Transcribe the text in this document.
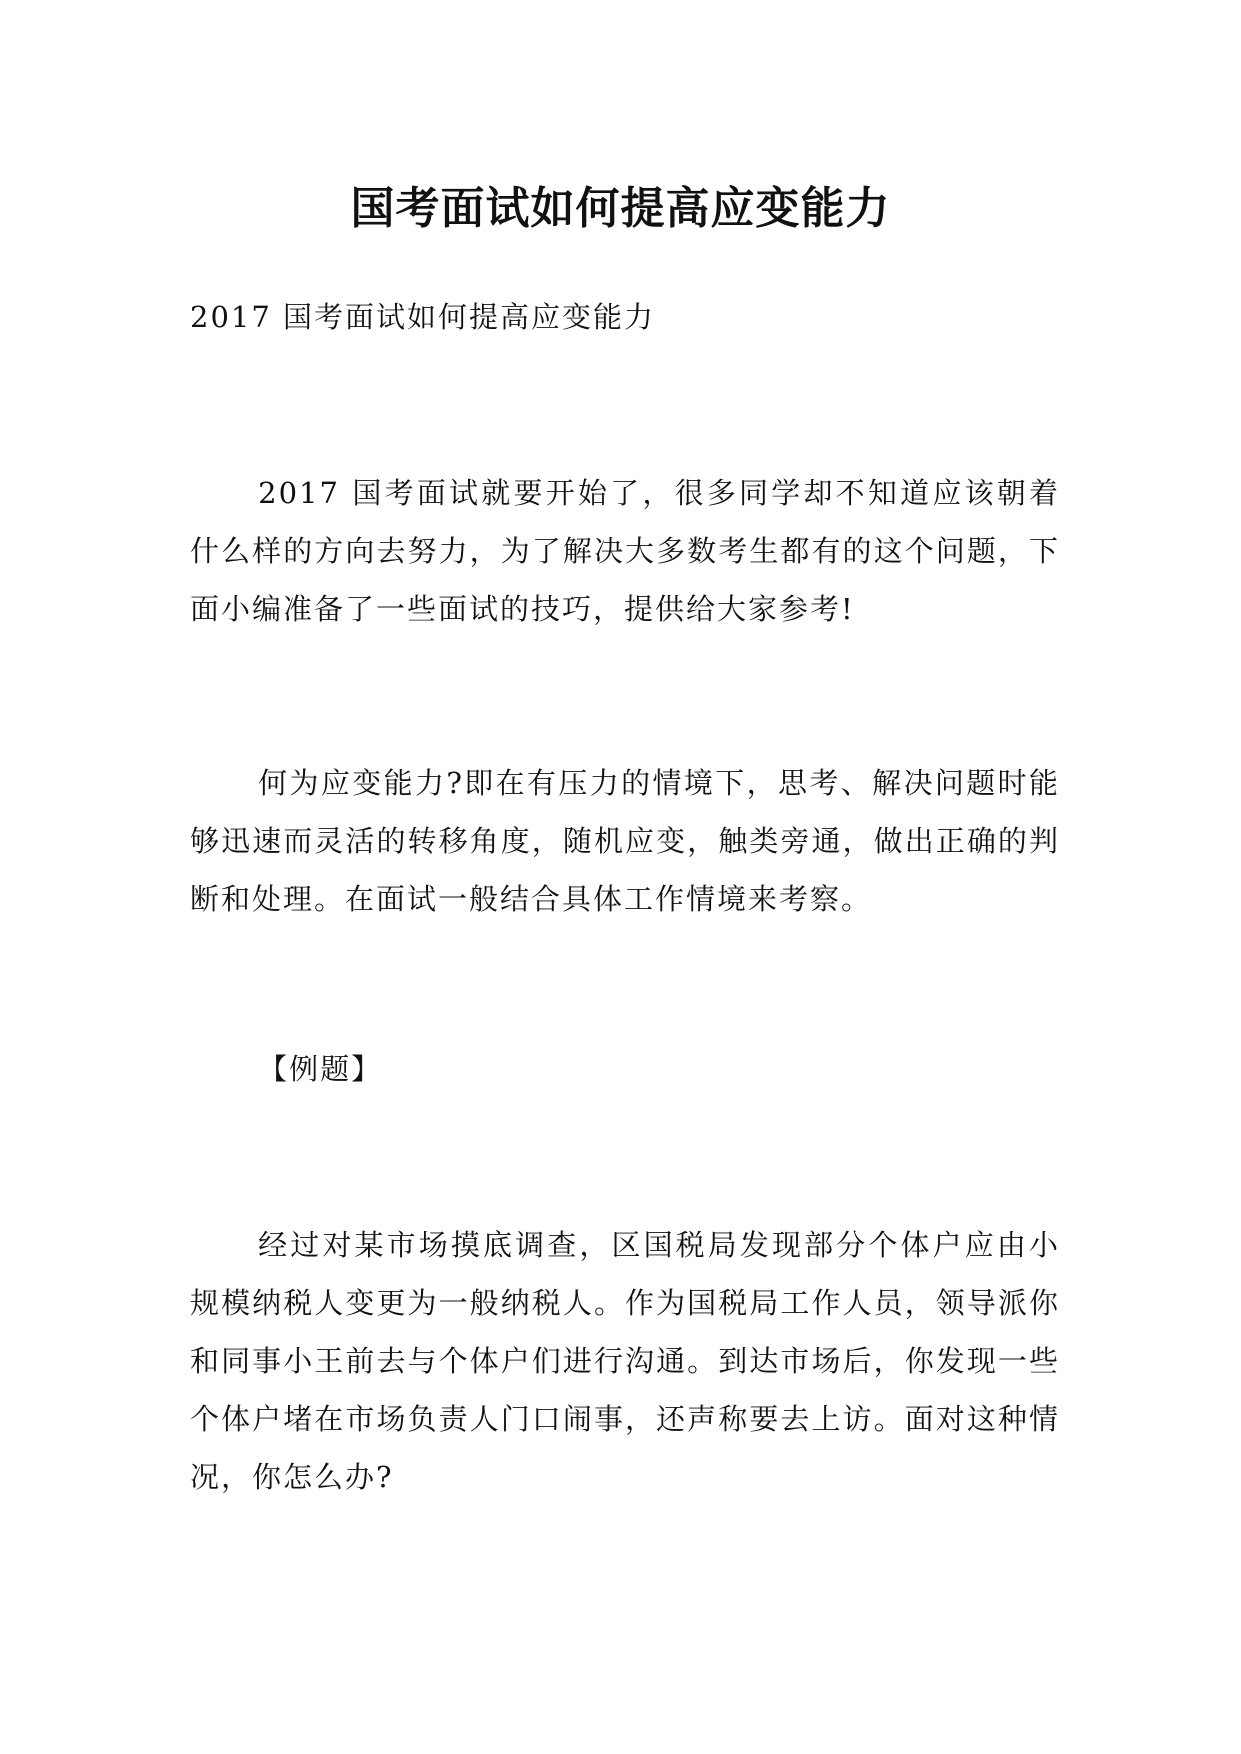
国考面试如何提高应变能力

2017 国考面试如何提高应变能力

2017 国考面试就要开始了，很多同学却不知道应该朝着什么样的方向去努力，为了解决大多数考生都有的这个问题，下面小编准备了一些面试的技巧，提供给大家参考!

何为应变能力?即在有压力的情境下，思考、解决问题时能够迅速而灵活的转移角度，随机应变，触类旁通，做出正确的判断和处理。在面试一般结合具体工作情境来考察。

【例题】

经过对某市场摸底调查，区国税局发现部分个体户应由小规模纳税人变更为一般纳税人。作为国税局工作人员，领导派你和同事小王前去与个体户们进行沟通。到达市场后，你发现一些个体户堵在市场负责人门口闹事，还声称要去上访。面对这种情况，你怎么办?
